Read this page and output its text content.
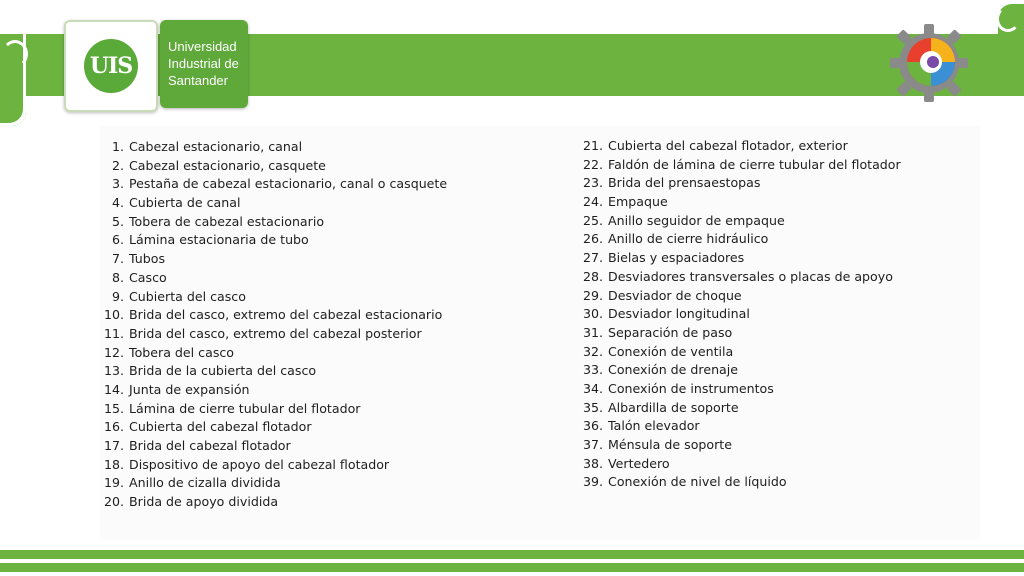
UIS
Universidad
Industrial de
Santander
1. Cabezal estacionario, canal
2. Cabezal estacionario, casquete
3. Pestaña de cabezal estacionario, canal o casquete
4. Cubierta de canal
5. Tobera de cabezal estacionario
6. Lámina estacionaria de tubo
7. Tubos
8. Casco
9. Cubierta del casco
10. Brida del casco, extremo del cabezal estacionario
11. Brida del casco, extremo del cabezal posterior
12. Tobera del casco
13. Brida de la cubierta del casco
14. Junta de expansión
15. Lámina de cierre tubular del flotador
16. Cubierta del cabezal flotador
17. Brida del cabezal flotador
18. Dispositivo de apoyo del cabezal flotador
19. Anillo de cizalla dividida
20. Brida de apoyo dividida
21. Cubierta del cabezal flotador, exterior
22. Faldón de lámina de cierre tubular del flotador
23. Brida del prensaestopas
24. Empaque
25. Anillo seguidor de empaque
26. Anillo de cierre hidráulico
27. Bielas y espaciadores
28. Desviadores transversales o placas de apoyo
29. Desviador de choque
30. Desviador longitudinal
31. Separación de paso
32. Conexión de ventila
33. Conexión de drenaje
34. Conexión de instrumentos
35. Albardilla de soporte
36. Talón elevador
37. Ménsula de soporte
38. Vertedero
39. Conexión de nivel de líquido
